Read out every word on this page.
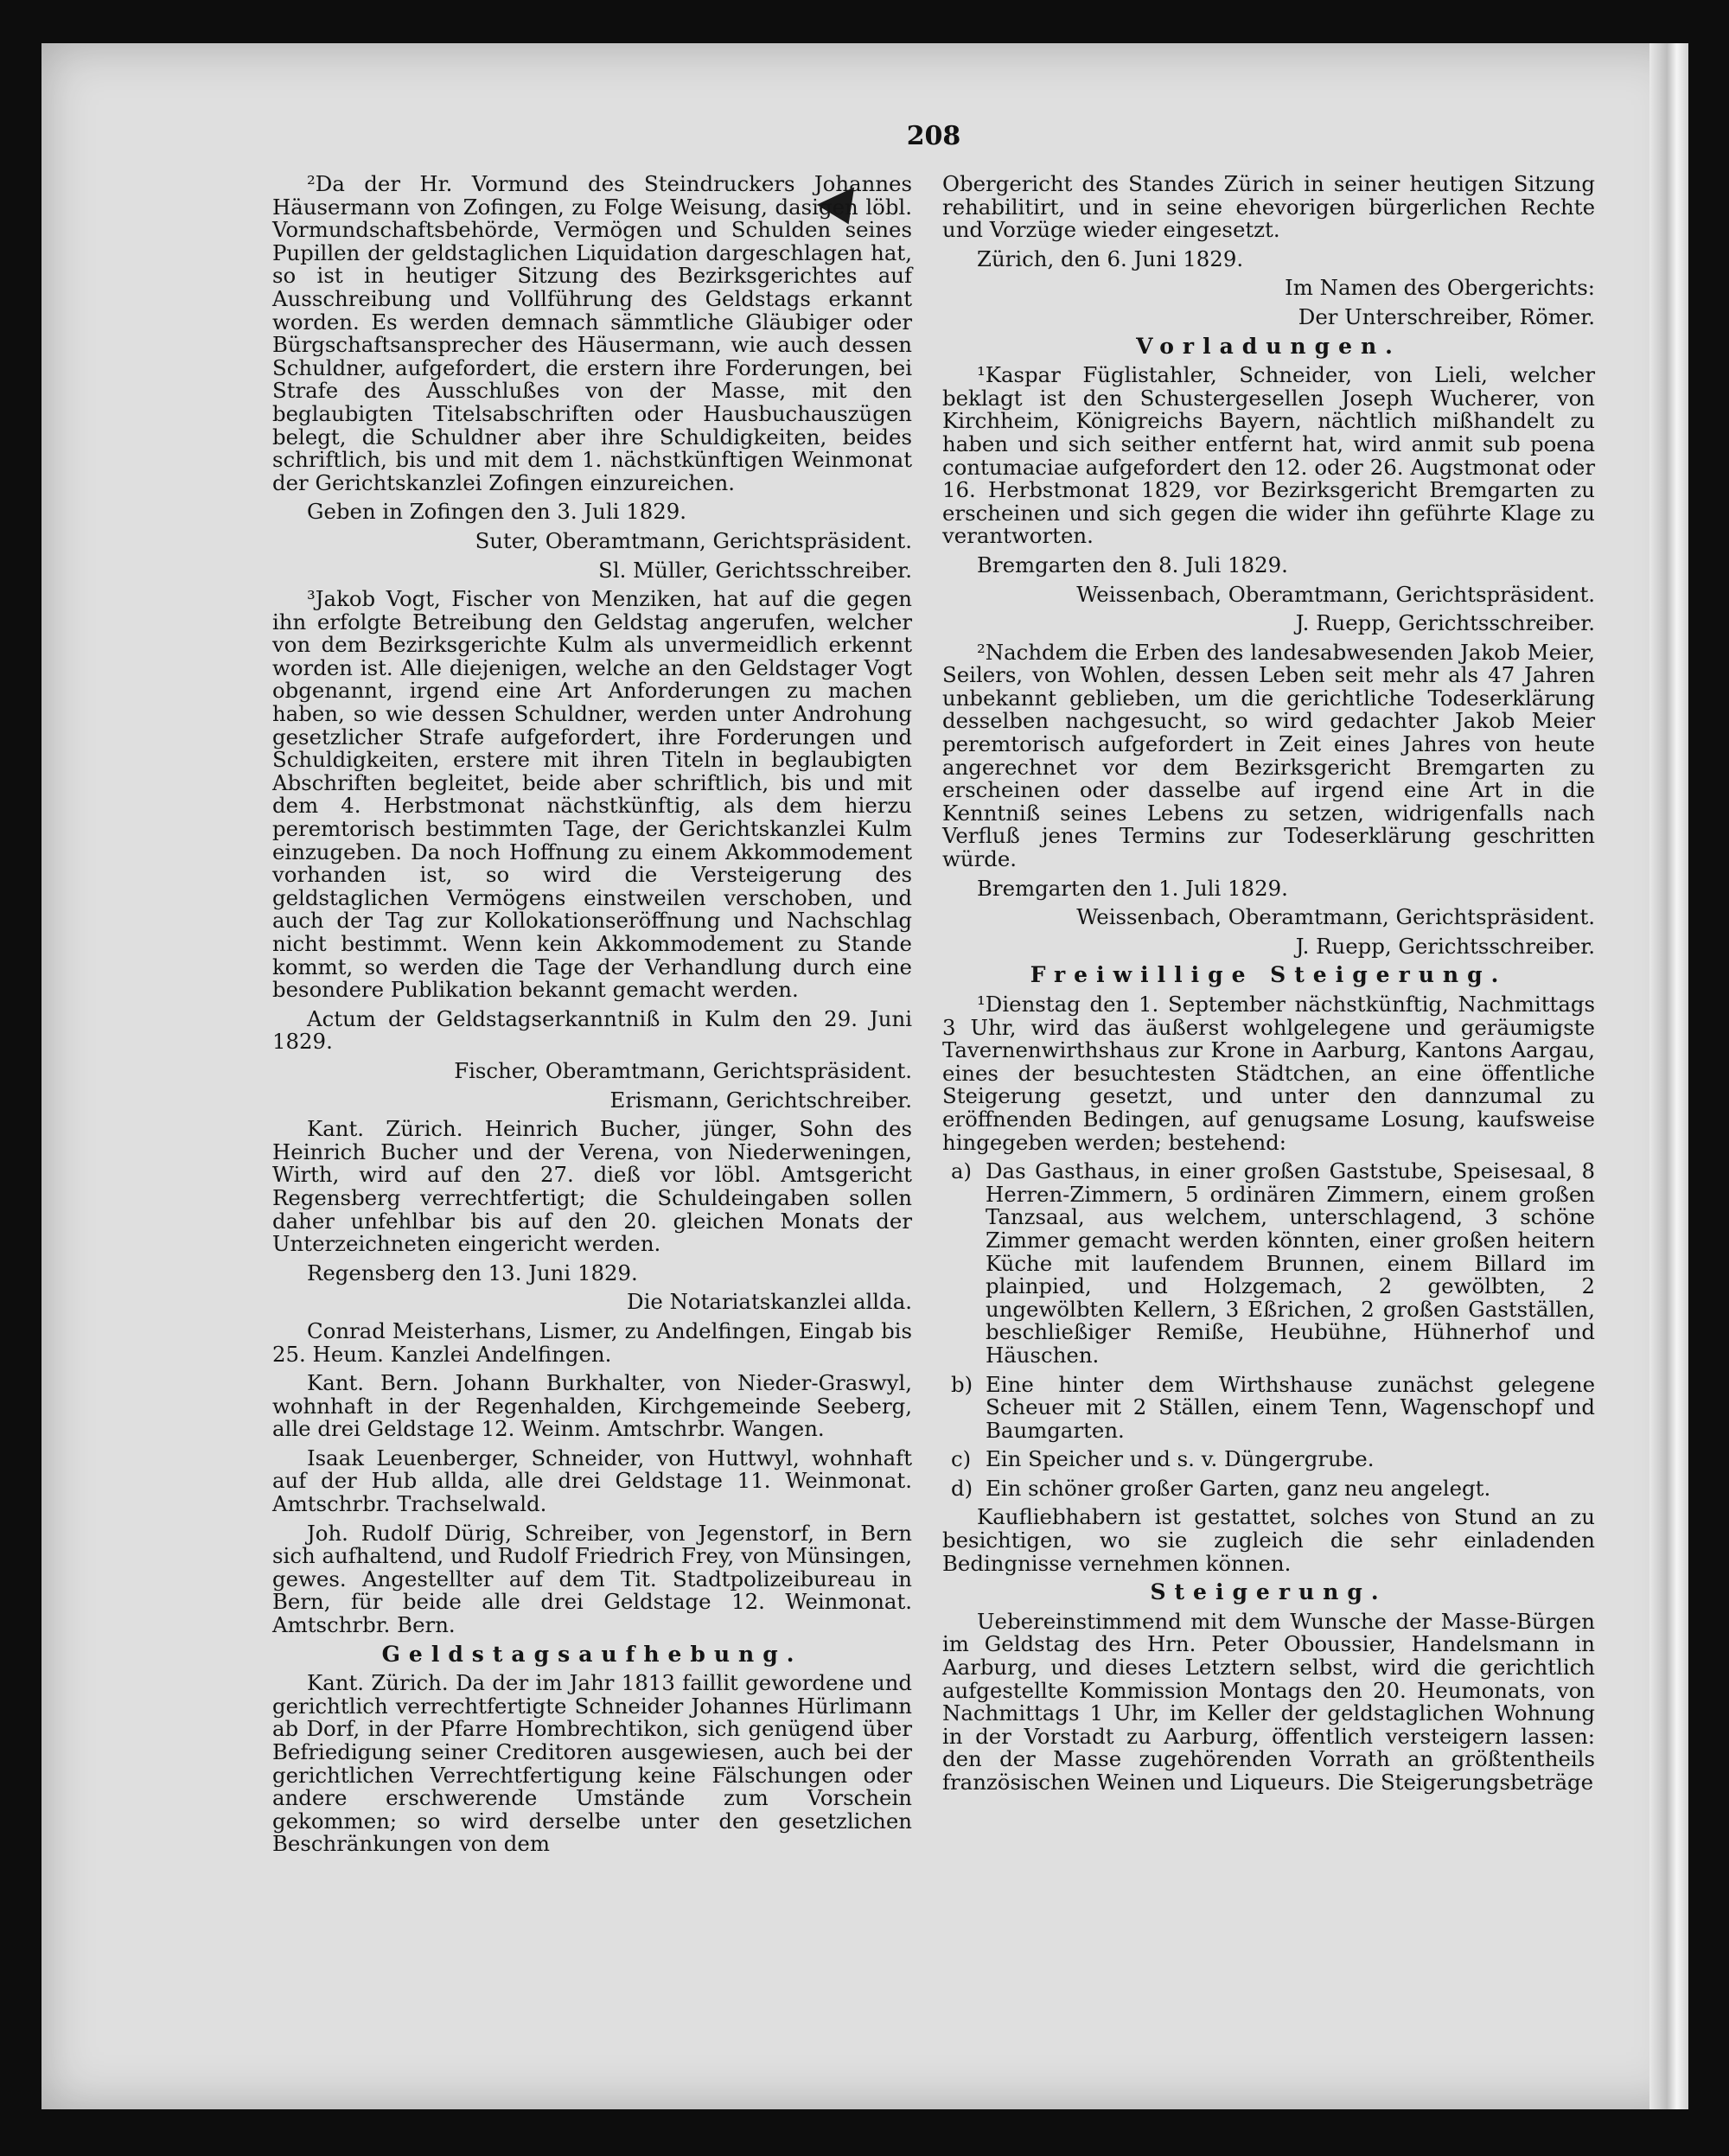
208

²Da der Hr. Vormund des Steindruckers Johannes Häusermann von Zofingen, zu Folge Weisung, dasigen löbl. Vormundschaftsbehörde, Vermögen und Schulden seines Pupillen der geldstaglichen Liquidation dargeschlagen hat, so ist in heutiger Sitzung des Bezirksgerichtes auf Ausschreibung und Vollführung des Geldstags erkannt worden. Es werden demnach sämmtliche Gläubiger oder Bürgschaftsansprecher des Häusermann, wie auch dessen Schuldner, aufgefordert, die erstern ihre Forderungen, bei Strafe des Ausschlußes von der Masse, mit den beglaubigten Titelsabschriften oder Hausbuchauszügen belegt, die Schuldner aber ihre Schuldigkeiten, beides schriftlich, bis und mit dem 1. nächstkünftigen Weinmonat der Gerichtskanzlei Zofingen einzureichen.

Geben in Zofingen den 3. Juli 1829.

Suter, Oberamtmann, Gerichtspräsident.

Sl. Müller, Gerichtsschreiber.

³Jakob Vogt, Fischer von Menziken, hat auf die gegen ihn erfolgte Betreibung den Geldstag angerufen, welcher von dem Bezirksgerichte Kulm als unvermeidlich erkennt worden ist. Alle diejenigen, welche an den Geldstager Vogt obgenannt, irgend eine Art Anforderungen zu machen haben, so wie dessen Schuldner, werden unter Androhung gesetzlicher Strafe aufgefordert, ihre Forderungen und Schuldigkeiten, erstere mit ihren Titeln in beglaubigten Abschriften begleitet, beide aber schriftlich, bis und mit dem 4. Herbstmonat nächstkünftig, als dem hierzu peremtorisch bestimmten Tage, der Gerichtskanzlei Kulm einzugeben. Da noch Hoffnung zu einem Akkommodement vorhanden ist, so wird die Versteigerung des geldstaglichen Vermögens einstweilen verschoben, und auch der Tag zur Kollokationseröffnung und Nachschlag nicht bestimmt. Wenn kein Akkommodement zu Stande kommt, so werden die Tage der Verhandlung durch eine besondere Publikation bekannt gemacht werden.

Actum der Geldstagserkanntniß in Kulm den 29. Juni 1829.

Fischer, Oberamtmann, Gerichtspräsident.

Erismann, Gerichtschreiber.

Kant. Zürich. Heinrich Bucher, jünger, Sohn des Heinrich Bucher und der Verena, von Niederweningen, Wirth, wird auf den 27. dieß vor löbl. Amtsgericht Regensberg verrechtfertigt; die Schuldeingaben sollen daher unfehlbar bis auf den 20. gleichen Monats der Unterzeichneten eingericht werden.

Regensberg den 13. Juni 1829.

Die Notariatskanzlei allda.

Conrad Meisterhans, Lismer, zu Andelfingen, Eingab bis 25. Heum. Kanzlei Andelfingen.

Kant. Bern. Johann Burkhalter, von Nieder-Graswyl, wohnhaft in der Regenhalden, Kirchgemeinde Seeberg, alle drei Geldstage 12. Weinm. Amtschrbr. Wangen.

Isaak Leuenberger, Schneider, von Huttwyl, wohnhaft auf der Hub allda, alle drei Geldstage 11. Weinmonat. Amtschrbr. Trachselwald.

Joh. Rudolf Dürig, Schreiber, von Jegenstorf, in Bern sich aufhaltend, und Rudolf Friedrich Frey, von Münsingen, gewes. Angestellter auf dem Tit. Stadtpolizeibureau in Bern, für beide alle drei Geldstage 12. Weinmonat. Amtschrbr. Bern.

Geldstagsaufhebung.

Kant. Zürich. Da der im Jahr 1813 faillit gewordene und gerichtlich verrechtfertigte Schneider Johannes Hürlimann ab Dorf, in der Pfarre Hombrechtikon, sich genügend über Befriedigung seiner Creditoren ausgewiesen, auch bei der gerichtlichen Verrechtfertigung keine Fälschungen oder andere erschwerende Umstände zum Vorschein gekommen; so wird derselbe unter den gesetzlichen Beschränkungen von dem

Obergericht des Standes Zürich in seiner heutigen Sitzung rehabilitirt, und in seine ehevorigen bürgerlichen Rechte und Vorzüge wieder eingesetzt.

Zürich, den 6. Juni 1829.

Im Namen des Obergerichts:

Der Unterschreiber, Römer.

Vorladungen.

¹Kaspar Füglistahler, Schneider, von Lieli, welcher beklagt ist den Schustergesellen Joseph Wucherer, von Kirchheim, Königreichs Bayern, nächtlich mißhandelt zu haben und sich seither entfernt hat, wird anmit sub poena contumaciae aufgefordert den 12. oder 26. Augstmonat oder 16. Herbstmonat 1829, vor Bezirksgericht Bremgarten zu erscheinen und sich gegen die wider ihn geführte Klage zu verantworten.

Bremgarten den 8. Juli 1829.

Weissenbach, Oberamtmann, Gerichtspräsident.

J. Ruepp, Gerichtsschreiber.

²Nachdem die Erben des landesabwesenden Jakob Meier, Seilers, von Wohlen, dessen Leben seit mehr als 47 Jahren unbekannt geblieben, um die gerichtliche Todeserklärung desselben nachgesucht, so wird gedachter Jakob Meier peremtorisch aufgefordert in Zeit eines Jahres von heute angerechnet vor dem Bezirksgericht Bremgarten zu erscheinen oder dasselbe auf irgend eine Art in die Kenntniß seines Lebens zu setzen, widrigenfalls nach Verfluß jenes Termins zur Todeserklärung geschritten würde.

Bremgarten den 1. Juli 1829.

Weissenbach, Oberamtmann, Gerichtspräsident.

J. Ruepp, Gerichtsschreiber.

Freiwillige Steigerung.

¹Dienstag den 1. September nächstkünftig, Nachmittags 3 Uhr, wird das äußerst wohlgelegene und geräumigste Tavernenwirthshaus zur Krone in Aarburg, Kantons Aargau, eines der besuchtesten Städtchen, an eine öffentliche Steigerung gesetzt, und unter den dannzumal zu eröffnenden Bedingen, auf genugsame Losung, kaufsweise hingegeben werden; bestehend:

a) Das Gasthaus, in einer großen Gaststube, Speisesaal, 8 Herren-Zimmern, 5 ordinären Zimmern, einem großen Tanzsaal, aus welchem, unterschlagend, 3 schöne Zimmer gemacht werden könnten, einer großen heitern Küche mit laufendem Brunnen, einem Billard im plainpied, und Holzgemach, 2 gewölbten, 2 ungewölbten Kellern, 3 Eßrichen, 2 großen Gastställen, beschließiger Remiße, Heubühne, Hühnerhof und Häuschen.

b) Eine hinter dem Wirthshause zunächst gelegene Scheuer mit 2 Ställen, einem Tenn, Wagenschopf und Baumgarten.

c) Ein Speicher und s. v. Düngergrube.

d) Ein schöner großer Garten, ganz neu angelegt.

Kaufliebhabern ist gestattet, solches von Stund an zu besichtigen, wo sie zugleich die sehr einladenden Bedingnisse vernehmen können.

Steigerung.

Uebereinstimmend mit dem Wunsche der Masse-Bürgen im Geldstag des Hrn. Peter Oboussier, Handelsmann in Aarburg, und dieses Letztern selbst, wird die gerichtlich aufgestellte Kommission Montags den 20. Heumonats, von Nachmittags 1 Uhr, im Keller der geldstaglichen Wohnung in der Vorstadt zu Aarburg, öffentlich versteigern lassen: den der Masse zugehörenden Vorrath an größtentheils französischen Weinen und Liqueurs. Die Steigerungsbeträge
